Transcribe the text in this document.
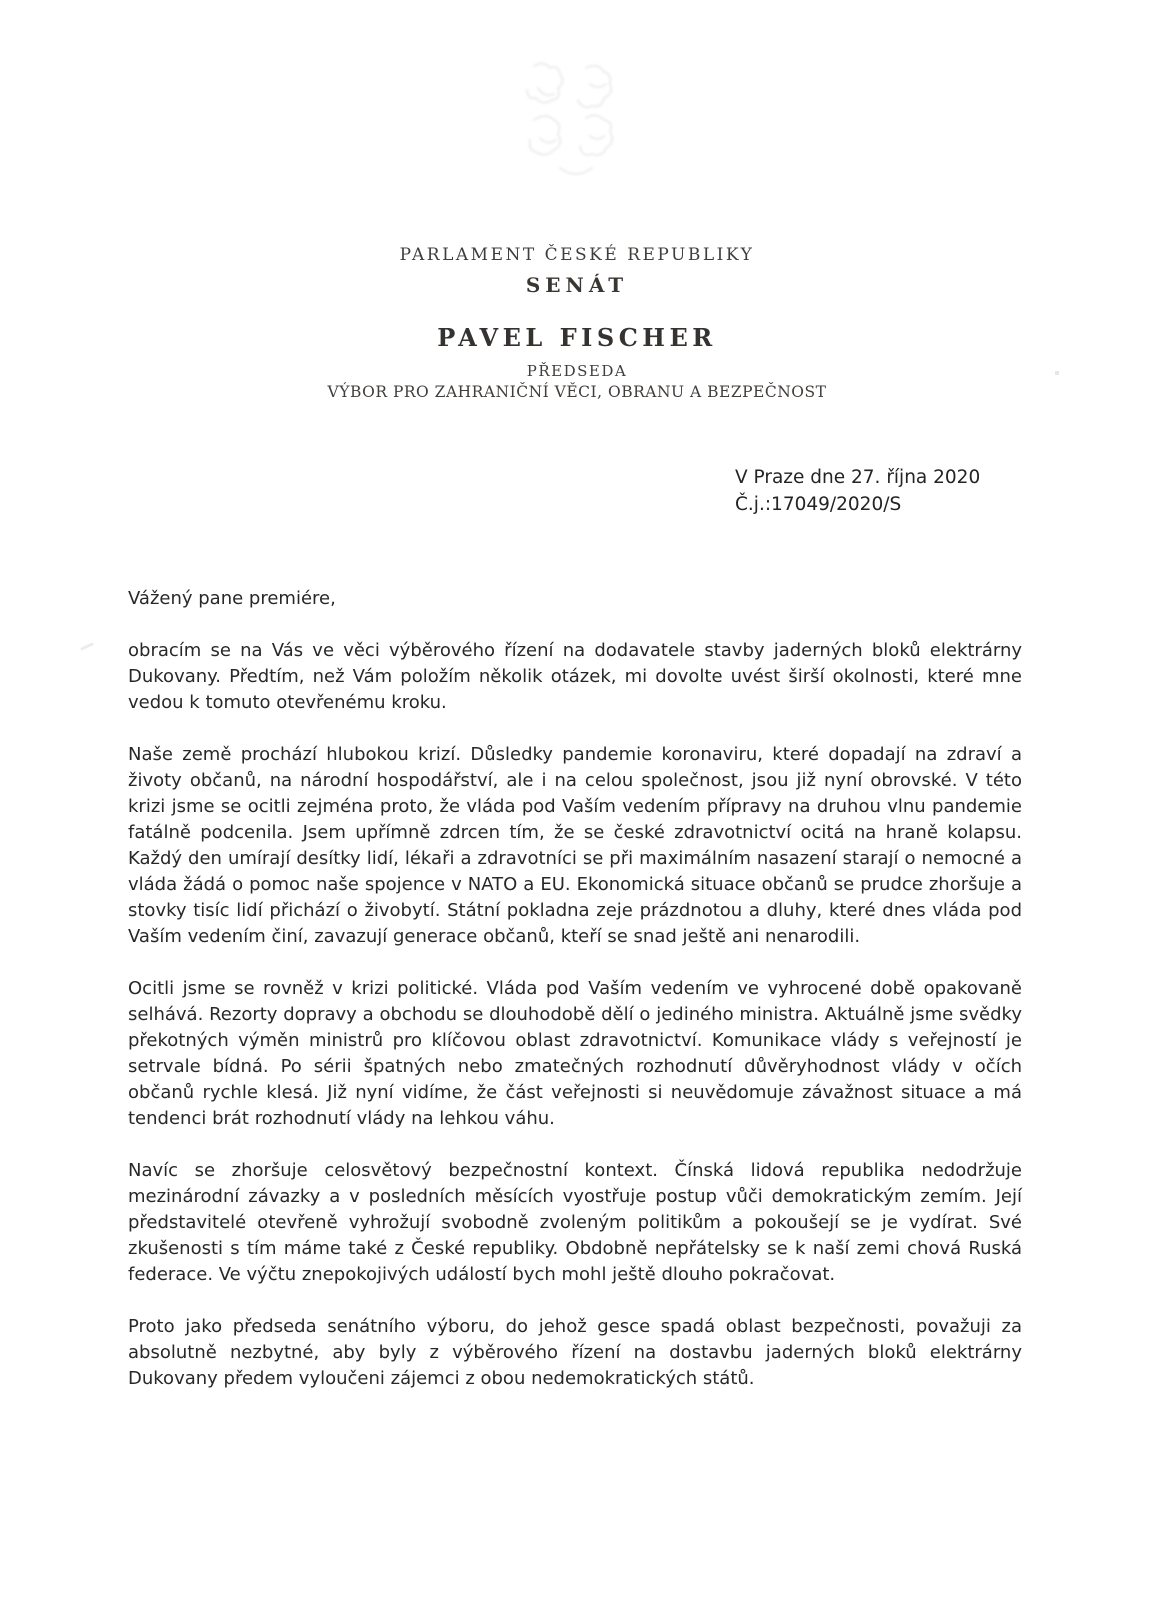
PARLAMENT ČESKÉ REPUBLIKY
SENÁT
PAVEL FISCHER
PŘEDSEDA
VÝBOR PRO ZAHRANIČNÍ VĚCI, OBRANU A BEZPEČNOST
V Praze dne 27. října 2020
Č.j.:17049/2020/S

Vážený pane premiére,

obracím se na Vás ve věci výběrového řízení na dodavatele stavby jaderných bloků elektrárny Dukovany. Předtím, než Vám položím několik otázek, mi dovolte uvést širší okolnosti, které mne vedou k tomuto otevřenému kroku.

Naše země prochází hlubokou krizí. Důsledky pandemie koronaviru, které dopadají na zdraví a životy občanů, na národní hospodářství, ale i na celou společnost, jsou již nyní obrovské. V této krizi jsme se ocitli zejména proto, že vláda pod Vaším vedením přípravy na druhou vlnu pandemie fatálně podcenila. Jsem upřímně zdrcen tím, že se české zdravotnictví ocitá na hraně kolapsu. Každý den umírají desítky lidí, lékaři a zdravotníci se při maximálním nasazení starají o nemocné a vláda žádá o pomoc naše spojence v NATO a EU. Ekonomická situace občanů se prudce zhoršuje a stovky tisíc lidí přichází o živobytí. Státní pokladna zeje prázdnotou a dluhy, které dnes vláda pod Vaším vedením činí, zavazují generace občanů, kteří se snad ještě ani nenarodili.

Ocitli jsme se rovněž v krizi politické. Vláda pod Vaším vedením ve vyhrocené době opakovaně selhává. Rezorty dopravy a obchodu se dlouhodobě dělí o jediného ministra. Aktuálně jsme svědky překotných výměn ministrů pro klíčovou oblast zdravotnictví. Komunikace vlády s veřejností je setrvale bídná. Po sérii špatných nebo zmatečných rozhodnutí důvěryhodnost vlády v očích občanů rychle klesá. Již nyní vidíme, že část veřejnosti si neuvědomuje závažnost situace a má tendenci brát rozhodnutí vlády na lehkou váhu.

Navíc se zhoršuje celosvětový bezpečnostní kontext. Čínská lidová republika nedodržuje mezinárodní závazky a v posledních měsících vyostřuje postup vůči demokratickým zemím. Její představitelé otevřeně vyhrožují svobodně zvoleným politikům a pokoušejí se je vydírat. Své zkušenosti s tím máme také z České republiky. Obdobně nepřátelsky se k naší zemi chová Ruská federace. Ve výčtu znepokojivých událostí bych mohl ještě dlouho pokračovat.

Proto jako předseda senátního výboru, do jehož gesce spadá oblast bezpečnosti, považuji za absolutně nezbytné, aby byly z výběrového řízení na dostavbu jaderných bloků elektrárny Dukovany předem vyloučeni zájemci z obou nedemokratických států.
